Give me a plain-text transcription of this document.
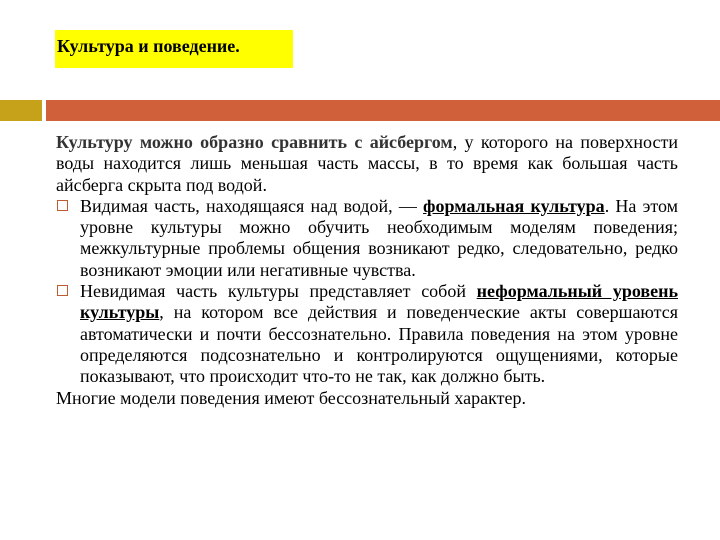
Культура и поведение.

Культуру можно образно сравнить с айсбергом, у которого на поверхности воды находится лишь меньшая часть массы, в то время как большая часть айсберга скрыта под водой.

Видимая часть, находящаяся над водой, — формальная культура. На этом уровне культуры можно обучить необходимым моделям поведения; межкультурные проблемы общения возникают редко, следовательно, редко возникают эмоции или негативные чувства.

Невидимая часть культуры представляет собой неформальный уровень культуры, на котором все действия и поведенческие акты совершаются автоматически и почти бессознательно. Правила поведения на этом уровне определяются подсознательно и контролируются ощущениями, которые показывают, что происходит что-то не так, как должно быть.

Многие модели поведения имеют бессознательный характер.
